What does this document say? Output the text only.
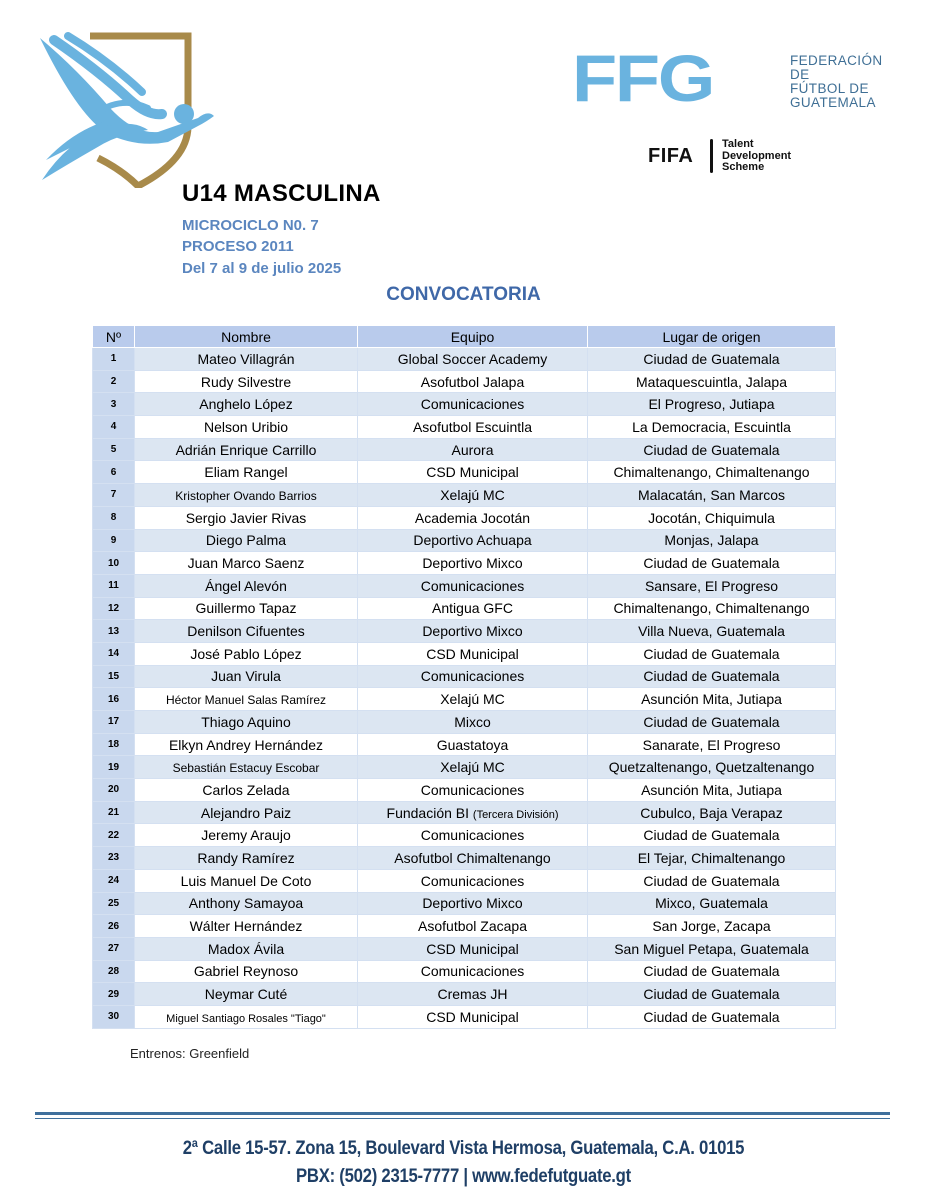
FFG	FEDERACIÓN DE
FÚTBOL DE
GUATEMALA
FIFA
Talent
Development
Scheme
U14 MASCULINA
MICROCICLO N0. 7
PROCESO 2011
Del 7 al 9 de julio 2025
CONVOCATORIA
Nº	Nombre	Equipo	Lugar de origen
1	Mateo Villagrán	Global Soccer Academy	Ciudad de Guatemala
2	Rudy Silvestre	Asofutbol Jalapa	Mataquescuintla, Jalapa
3	Anghelo López	Comunicaciones	El Progreso, Jutiapa
4	Nelson Uribio	Asofutbol Escuintla	La Democracia, Escuintla
5	Adrián Enrique Carrillo	Aurora	Ciudad de Guatemala
6	Eliam Rangel	CSD Municipal	Chimaltenango, Chimaltenango
7	Kristopher Ovando Barrios	Xelajú MC	Malacatán, San Marcos
8	Sergio Javier Rivas	Academia Jocotán	Jocotán, Chiquimula
9	Diego Palma	Deportivo Achuapa	Monjas, Jalapa
10	Juan Marco Saenz	Deportivo Mixco	Ciudad de Guatemala
11	Ángel Alevón	Comunicaciones	Sansare, El Progreso
12	Guillermo Tapaz	Antigua GFC	Chimaltenango, Chimaltenango
13	Denilson Cifuentes	Deportivo Mixco	Villa Nueva, Guatemala
14	José Pablo López	CSD Municipal	Ciudad de Guatemala
15	Juan Virula	Comunicaciones	Ciudad de Guatemala
16	Héctor Manuel Salas Ramírez	Xelajú MC	Asunción Mita, Jutiapa
17	Thiago Aquino	Mixco	Ciudad de Guatemala
18	Elkyn Andrey Hernández	Guastatoya	Sanarate, El Progreso
19	Sebastián Estacuy Escobar	Xelajú MC	Quetzaltenango, Quetzaltenango
20	Carlos Zelada	Comunicaciones	Asunción Mita, Jutiapa
21	Alejandro Paiz	Fundación BI (Tercera División)	Cubulco, Baja Verapaz
22	Jeremy Araujo	Comunicaciones	Ciudad de Guatemala
23	Randy Ramírez	Asofutbol Chimaltenango	El Tejar, Chimaltenango
24	Luis Manuel De Coto	Comunicaciones	Ciudad de Guatemala
25	Anthony Samayoa	Deportivo Mixco	Mixco, Guatemala
26	Wálter Hernández	Asofutbol Zacapa	San Jorge, Zacapa
27	Madox Ávila	CSD Municipal	San Miguel Petapa, Guatemala
28	Gabriel Reynoso	Comunicaciones	Ciudad de Guatemala
29	Neymar Cuté	Cremas JH	Ciudad de Guatemala
30	Miguel Santiago Rosales "Tiago"	CSD Municipal	Ciudad de Guatemala
Entrenos: Greenfield
2ª Calle 15-57. Zona 15, Boulevard Vista Hermosa, Guatemala, C.A. 01015
PBX: (502) 2315-7777 | www.fedefutguate.gt
